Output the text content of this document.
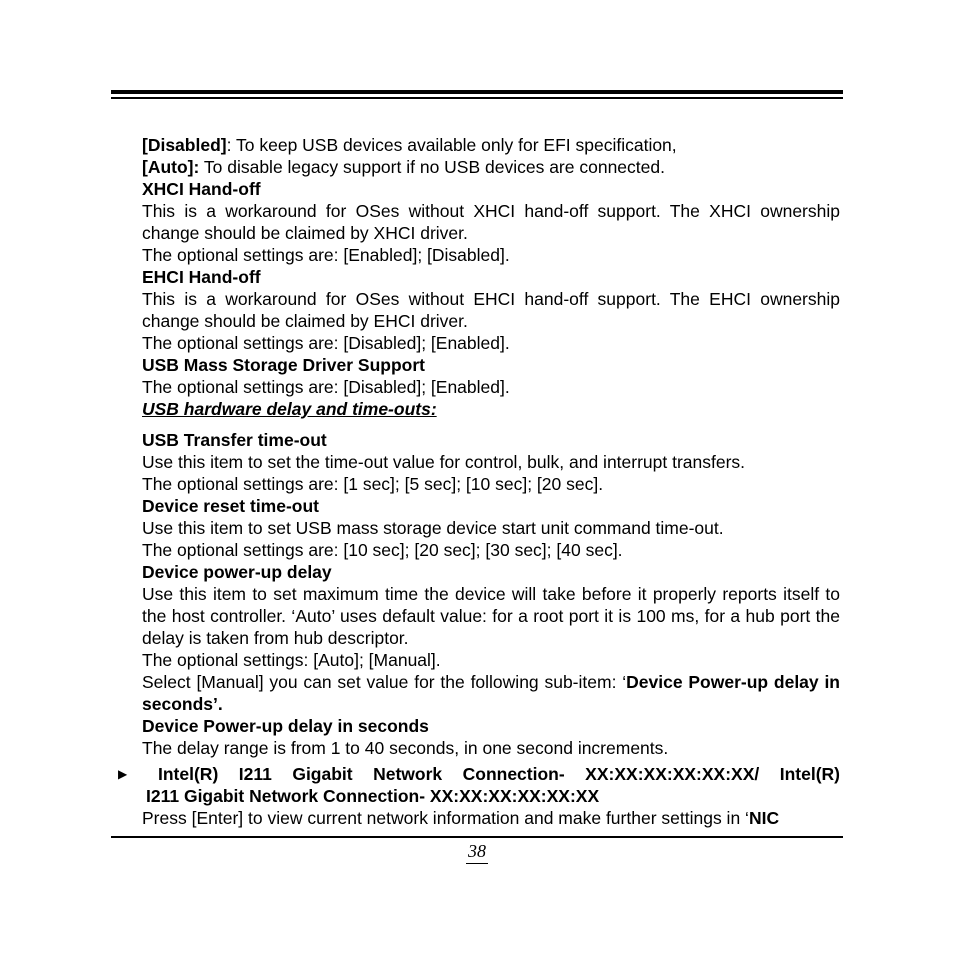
[Disabled]: To keep USB devices available only for EFI specification,

[Auto]: To disable legacy support if no USB devices are connected.

XHCI Hand-off

This is a workaround for OSes without XHCI hand-off support. The XHCI ownership change should be claimed by XHCI driver.

The optional settings are: [Enabled]; [Disabled].

EHCI Hand-off

This is a workaround for OSes without EHCI hand-off support. The EHCI ownership change should be claimed by EHCI driver.

The optional settings are: [Disabled]; [Enabled].

USB Mass Storage Driver Support

The optional settings are: [Disabled]; [Enabled].

USB hardware delay and time-outs:

USB Transfer time-out

Use this item to set the time-out value for control, bulk, and interrupt transfers.

The optional settings are: [1 sec]; [5 sec]; [10 sec]; [20 sec].

Device reset time-out

Use this item to set USB mass storage device start unit command time-out.

The optional settings are: [10 sec]; [20 sec]; [30 sec]; [40 sec].

Device power-up delay

Use this item to set maximum time the device will take before it properly reports itself to the host controller. ‘Auto’ uses default value: for a root port it is 100 ms, for a hub port the delay is taken from hub descriptor.

The optional settings: [Auto]; [Manual].

Select [Manual] you can set value for the following sub-item: ‘Device Power-up delay in seconds’.

Device Power-up delay in seconds

The delay range is from 1 to 40 seconds, in one second increments.

▶	Intel(R) I211 Gigabit Network Connection- XX:XX:XX:XX:XX:XX/ Intel(R)

I211 Gigabit Network Connection- XX:XX:XX:XX:XX:XX

Press [Enter] to view current network information and make further settings in ‘NIC

38
